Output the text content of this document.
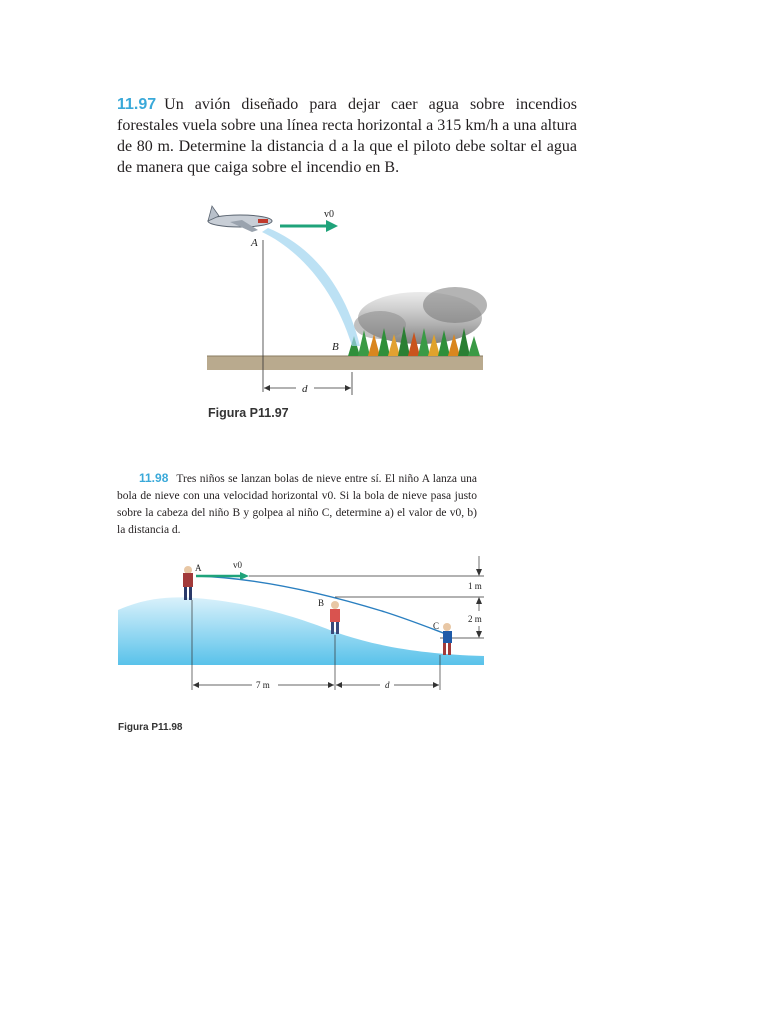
11.97 Un avión diseñado para dejar caer agua sobre incendios forestales vuela sobre una línea recta horizontal a 315 km/h a una altura de 80 m. Determine la distancia d a la que el piloto debe soltar el agua de manera que caiga sobre el incendio en B.
v0
A
B
d
v0
A
B
C
1 m
2 m
7 m	d
Figura P11.97
11.98 Tres niños se lanzan bolas de nieve entre sí. El niño A lanza una bola de nieve con una velocidad horizontal v0. Si la bola de nieve pasa justo sobre la cabeza del niño B y golpea al niño C, determine a) el valor de v0, b) la distancia d.
Figura P11.98
